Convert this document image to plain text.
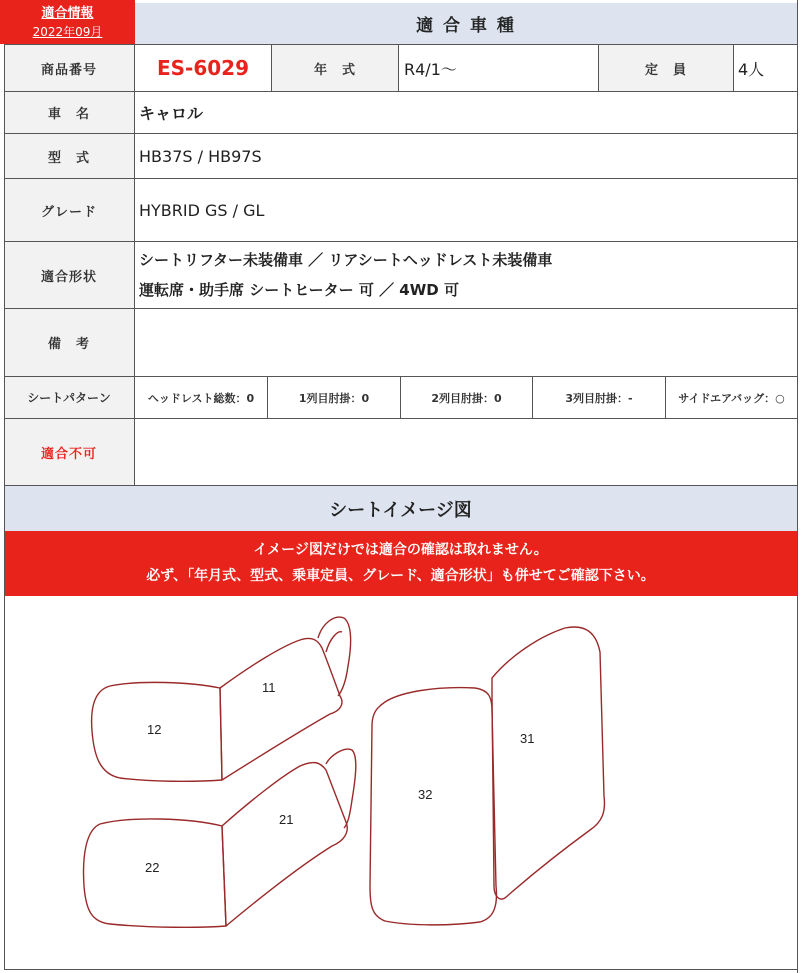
適合情報
2022年09月	適 合 車 種
商品番号	ES-6029	年　式	R4/1～	定　員	4人
車　名	キャロル
型　式	HB37S / HB97S
グレード	HYBRID GS / GL
適合形状
シートリフター未装備車 ／ リアシートヘッドレスト未装備車
運転席・助手席 シートヒーター 可 ／ 4WD 可
備　考
シートパターン	ヘッドレスト総数：0	1列目肘掛：0	2列目肘掛：0	3列目肘掛：-	サイドエアバッグ：○
適合不可
シートイメージ図
イメージ図だけでは適合の確認は取れません。
必ず、「年月式、型式、乗車定員、グレード、適合形状」も併せてご確認下さい。
11
12
21
22
31
32
